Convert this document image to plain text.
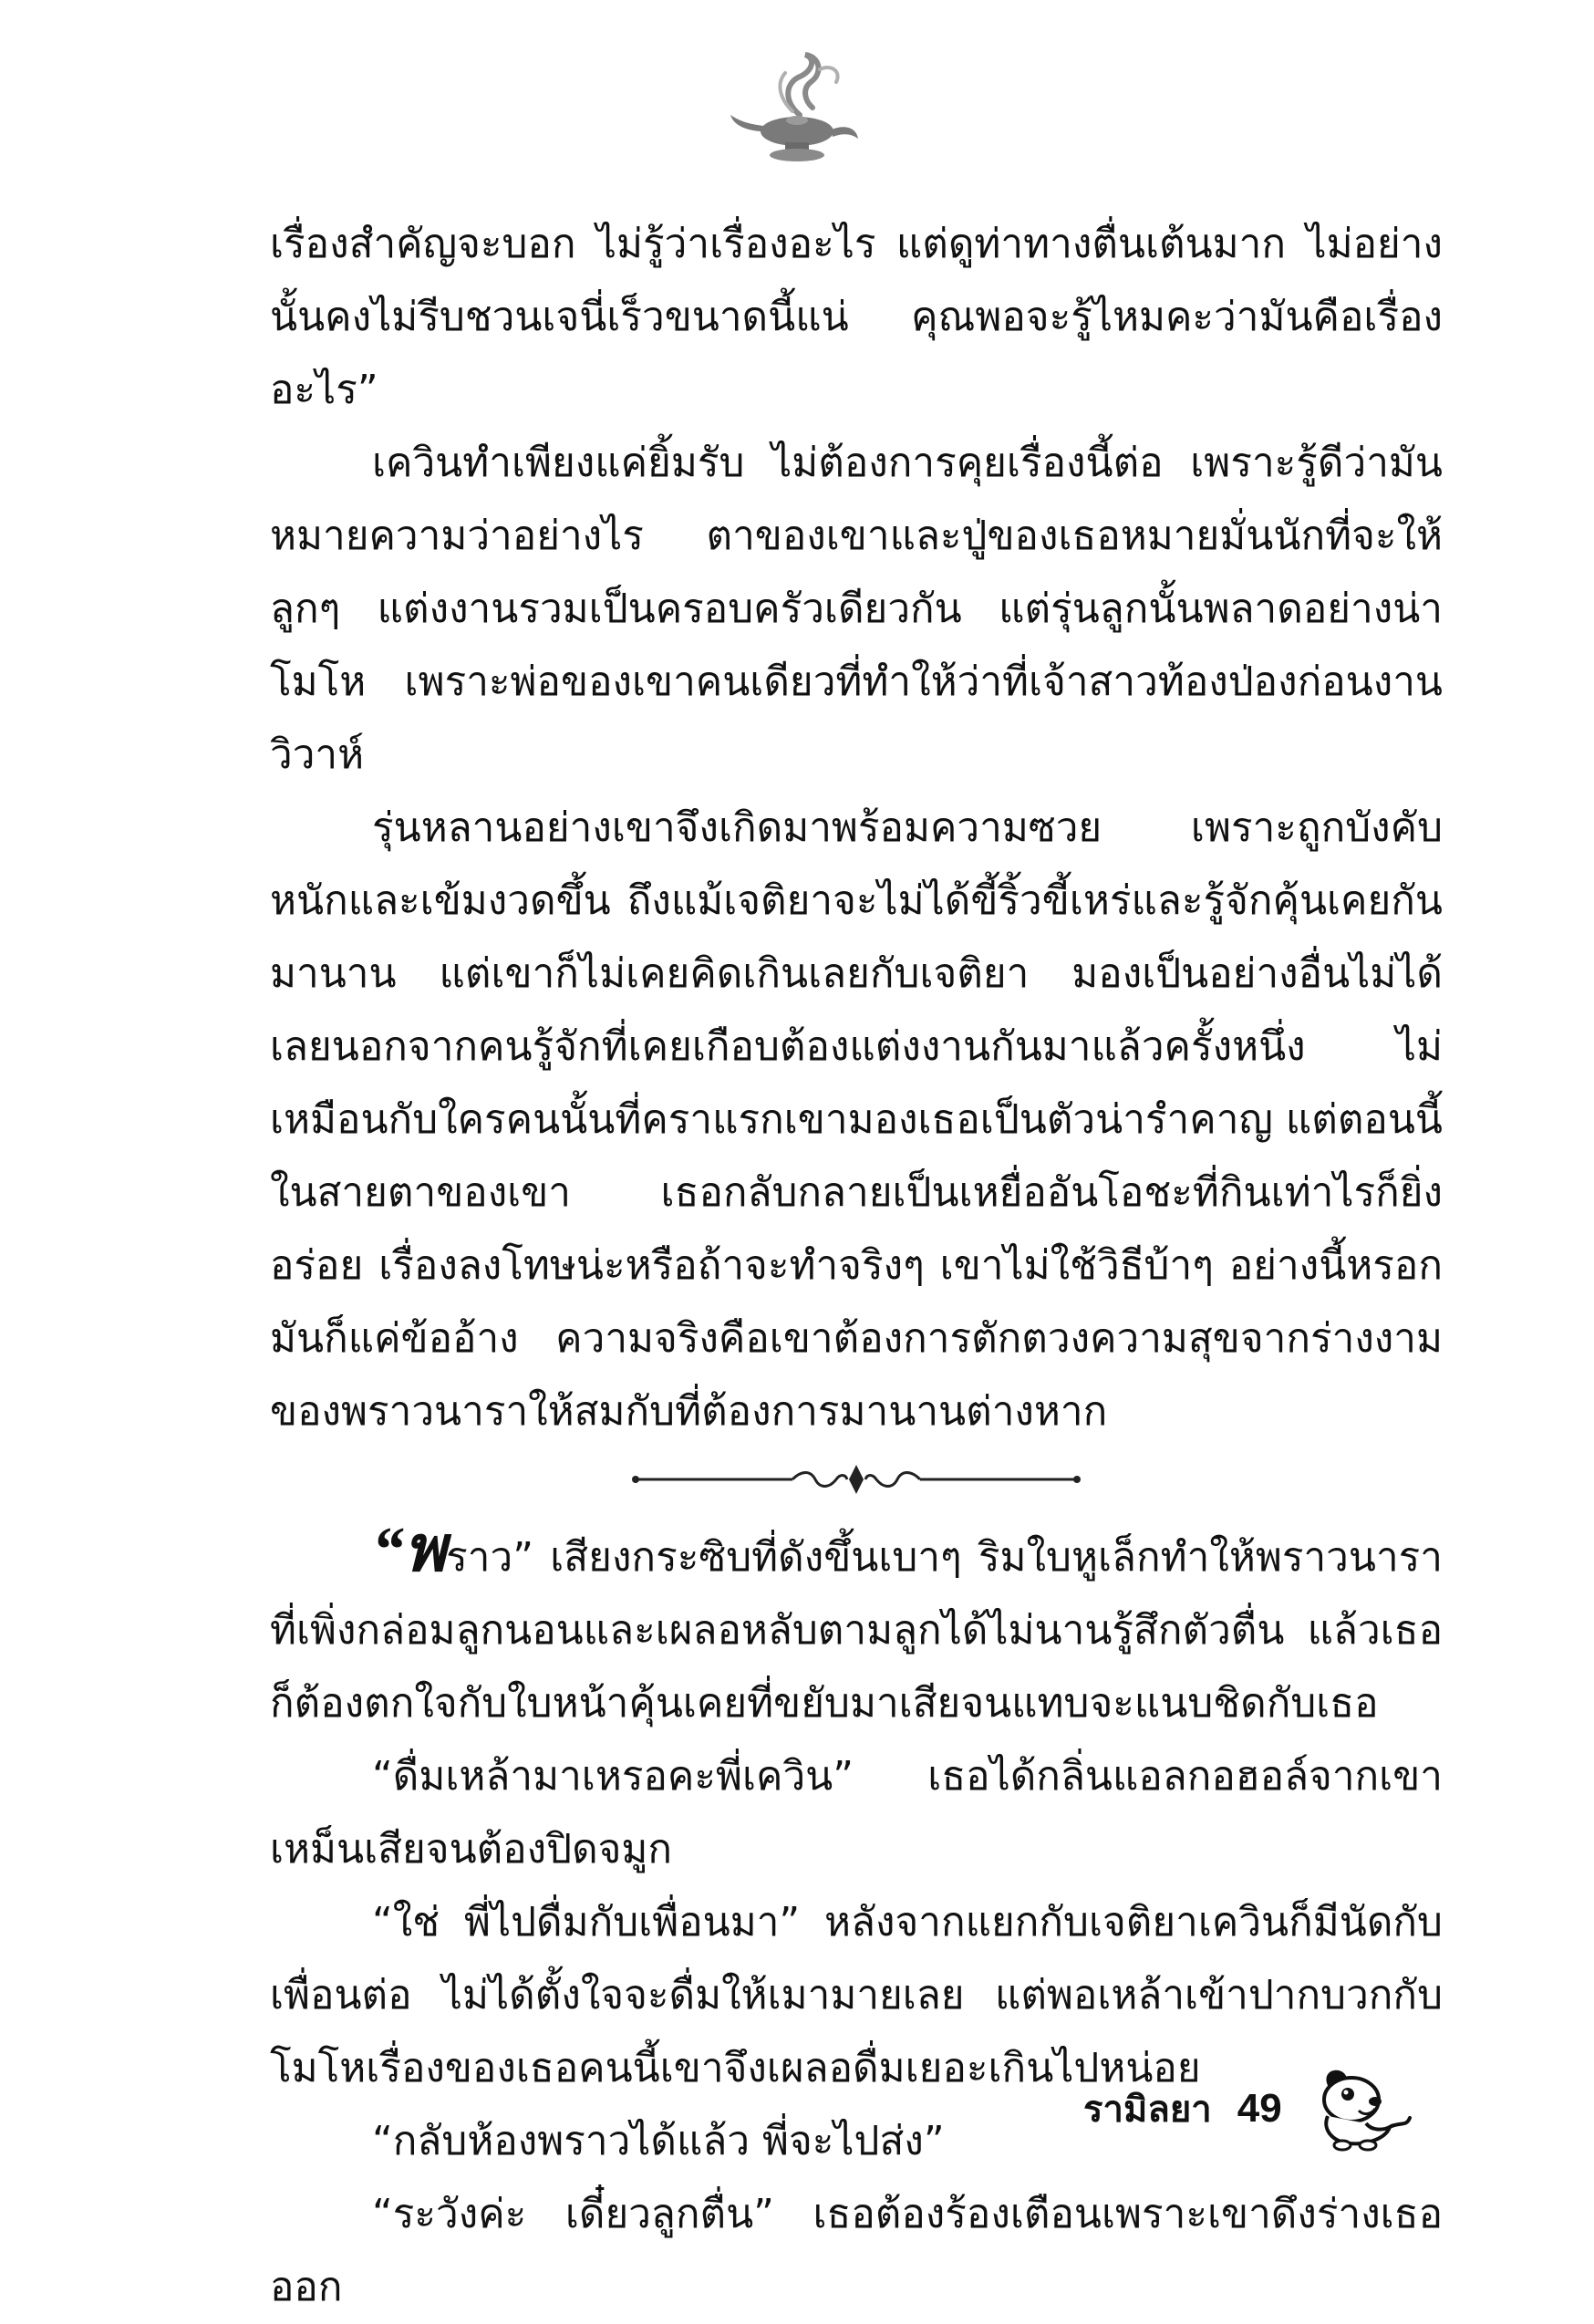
เรื่องสำคัญจะบอก ไม่รู้ว่าเรื่องอะไร แต่ดูท่าทางตื่นเต้นมาก ไม่อย่างนั้นคงไม่รีบชวนเจนี่เร็วขนาดนี้แน่ คุณพอจะรู้ไหมคะว่ามันคือเรื่องอะไร”

เควินทำเพียงแค่ยิ้มรับ ไม่ต้องการคุยเรื่องนี้ต่อ เพราะรู้ดีว่ามันหมายความว่าอย่างไร ตาของเขาและปู่ของเธอหมายมั่นนักที่จะให้ลูกๆ แต่งงานรวมเป็นครอบครัวเดียวกัน แต่รุ่นลูกนั้นพลาดอย่างน่าโมโห เพราะพ่อของเขาคนเดียวที่ทำให้ว่าที่เจ้าสาวท้องป่องก่อนงานวิวาห์

รุ่นหลานอย่างเขาจึงเกิดมาพร้อมความซวย เพราะถูกบังคับหนักและเข้มงวดขึ้น ถึงแม้เจติยาจะไม่ได้ขี้ริ้วขี้เหร่และรู้จักคุ้นเคยกันมานาน แต่เขาก็ไม่เคยคิดเกินเลยกับเจติยา มองเป็นอย่างอื่นไม่ได้เลยนอกจากคนรู้จักที่เคยเกือบต้องแต่งงานกันมาแล้วครั้งหนึ่ง ไม่เหมือนกับใครคนนั้นที่คราแรกเขามองเธอเป็นตัวน่ารำคาญ แต่ตอนนี้ในสายตาของเขา เธอกลับกลายเป็นเหยื่ออันโอชะที่กินเท่าไรก็ยิ่งอร่อย เรื่องลงโทษน่ะหรือถ้าจะทำจริงๆ เขาไม่ใช้วิธีบ้าๆ อย่างนี้หรอก มันก็แค่ข้ออ้าง ความจริงคือเขาต้องการตักตวงความสุขจากร่างงามของพราวนาราให้สมกับที่ต้องการมานานต่างหาก

“พราว” เสียงกระซิบที่ดังขึ้นเบาๆ ริมใบหูเล็กทำให้พราวนาราที่เพิ่งกล่อมลูกนอนและเผลอหลับตามลูกได้ไม่นานรู้สึกตัวตื่น แล้วเธอก็ต้องตกใจกับใบหน้าคุ้นเคยที่ขยับมาเสียจนแทบจะแนบชิดกับเธอ

“ดื่มเหล้ามาเหรอคะพี่เควิน” เธอได้กลิ่นแอลกอฮอล์จากเขา เหม็นเสียจนต้องปิดจมูก

“ใช่ พี่ไปดื่มกับเพื่อนมา” หลังจากแยกกับเจติยาเควินก็มีนัดกับเพื่อนต่อ ไม่ได้ตั้งใจจะดื่มให้เมามายเลย แต่พอเหล้าเข้าปากบวกกับโมโหเรื่องของเธอคนนี้เขาจึงเผลอดื่มเยอะเกินไปหน่อย

“กลับห้องพราวได้แล้ว พี่จะไปส่ง”

“ระวังค่ะ เดี๋ยวลูกตื่น” เธอต้องร้องเตือนเพราะเขาดึงร่างเธอออก

รามิลยา 49
